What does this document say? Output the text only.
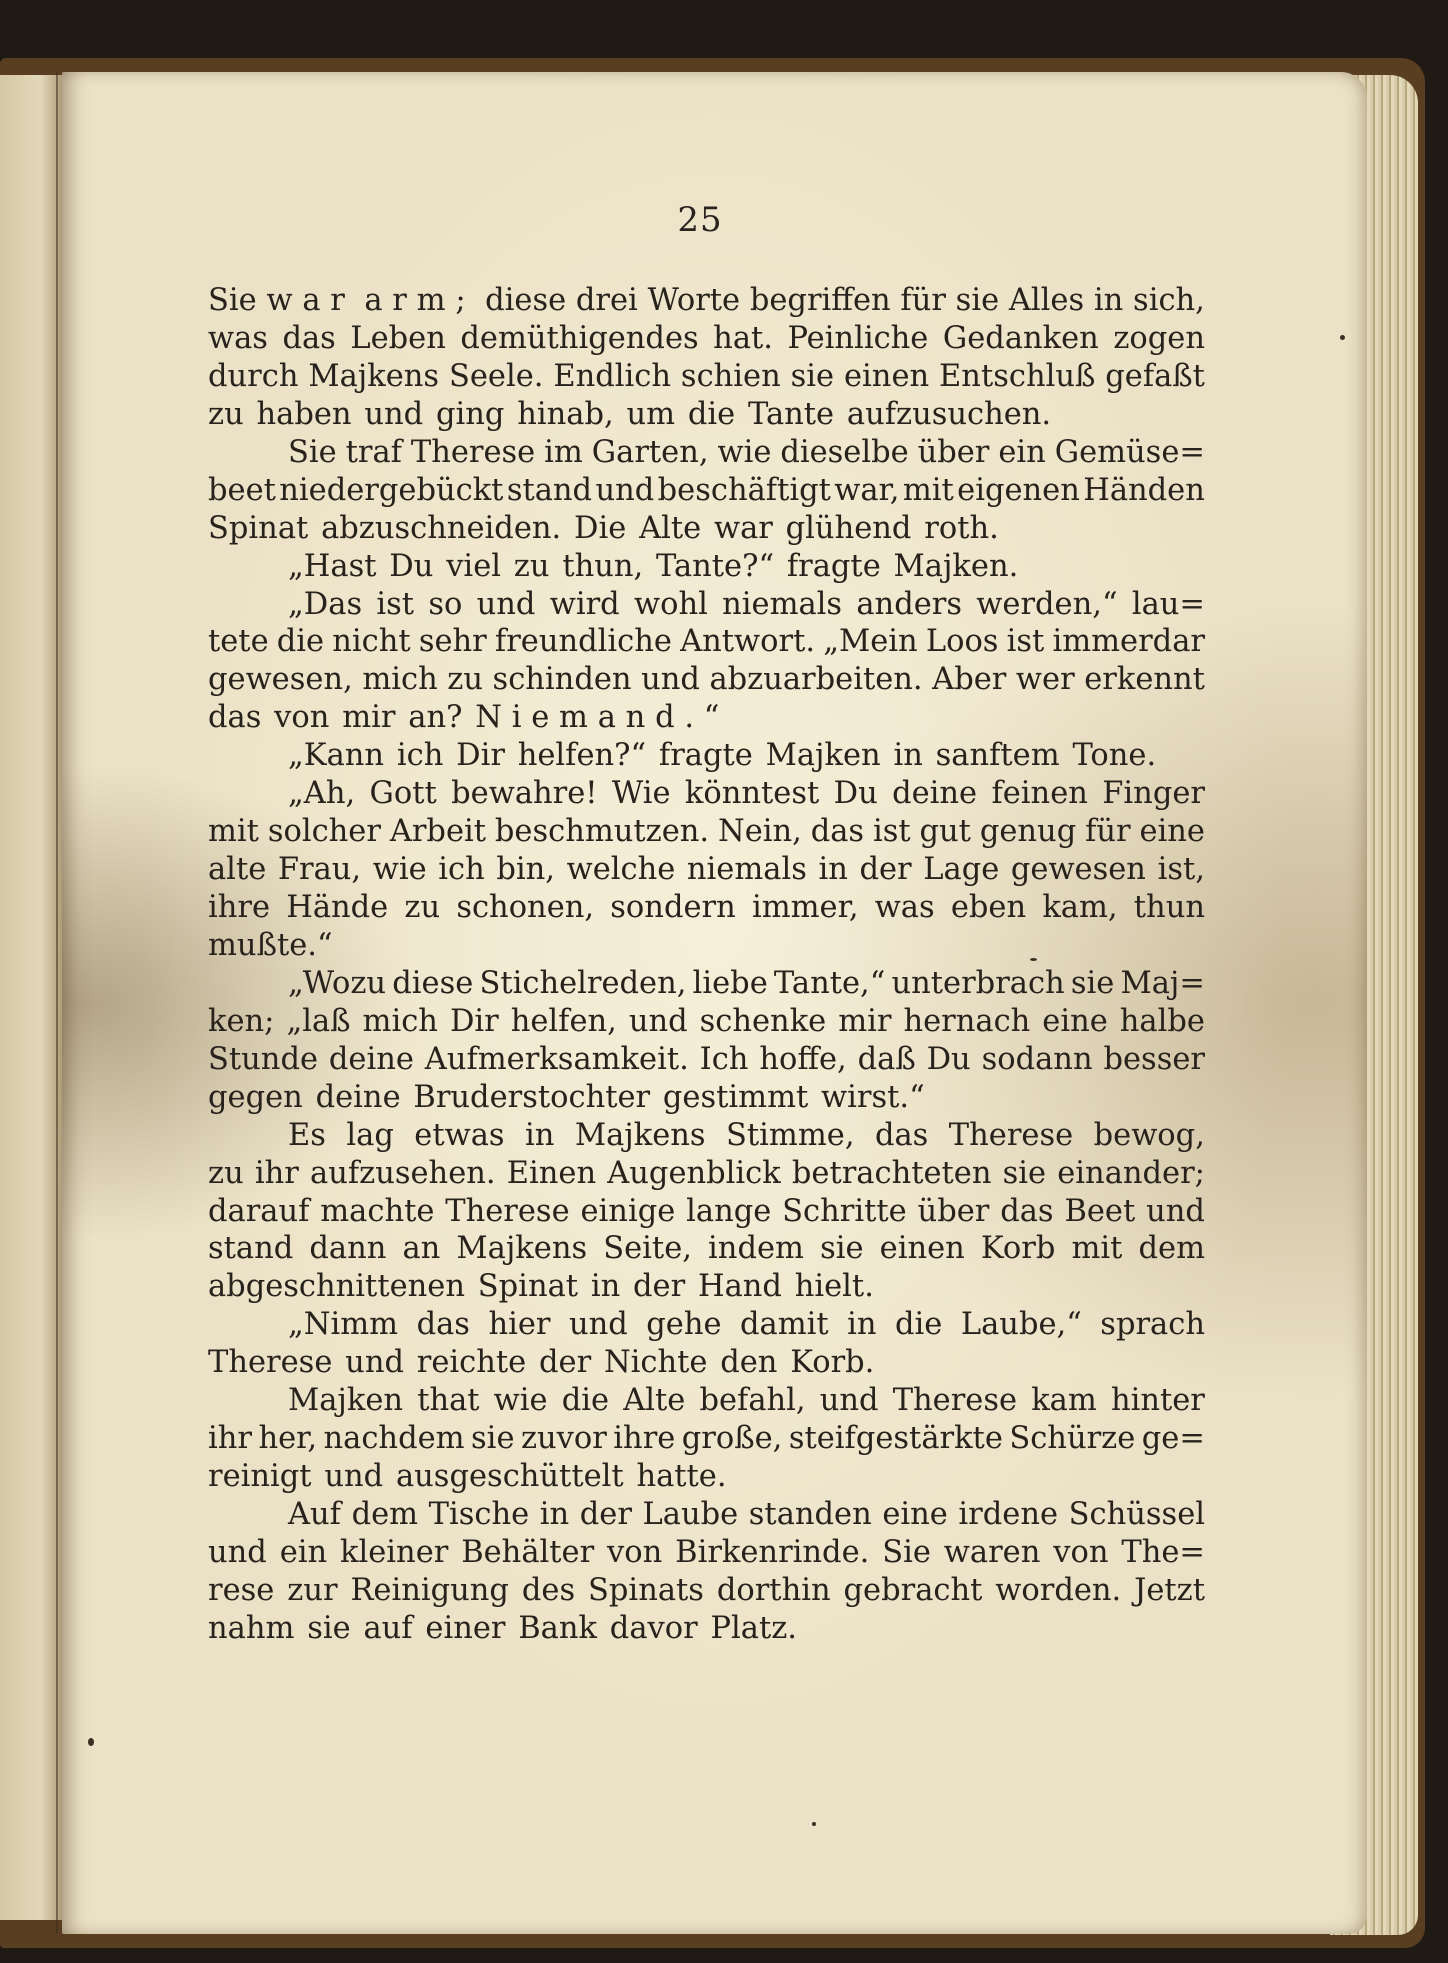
25
Sie war arm; diese drei Worte begriffen für sie Alles in sich,
was das Leben demüthigendes hat. Peinliche Gedanken zogen
durch Majkens Seele. Endlich schien sie einen Entschluß gefaßt
zu haben und ging hinab, um die Tante aufzusuchen.
Sie traf Therese im Garten, wie dieselbe über ein Gemüse=
beet niedergebückt stand und beschäftigt war, mit eigenen Händen
Spinat abzuschneiden. Die Alte war glühend roth.
„Hast Du viel zu thun, Tante?“ fragte Majken.
„Das ist so und wird wohl niemals anders werden,“ lau=
tete die nicht sehr freundliche Antwort. „Mein Loos ist immerdar
gewesen, mich zu schinden und abzuarbeiten. Aber wer erkennt
das von mir an? Niemand.“
„Kann ich Dir helfen?“ fragte Majken in sanftem Tone.
„Ah, Gott bewahre! Wie könntest Du deine feinen Finger
mit solcher Arbeit beschmutzen. Nein, das ist gut genug für eine
alte Frau, wie ich bin, welche niemals in der Lage gewesen ist,
ihre Hände zu schonen, sondern immer, was eben kam, thun
mußte.“
„Wozu diese Stichelreden, liebe Tante,“ unterbrach sie Maj=
ken; „laß mich Dir helfen, und schenke mir hernach eine halbe
Stunde deine Aufmerksamkeit. Ich hoffe, daß Du sodann besser
gegen deine Bruderstochter gestimmt wirst.“
Es lag etwas in Majkens Stimme, das Therese bewog,
zu ihr aufzusehen. Einen Augenblick betrachteten sie einander;
darauf machte Therese einige lange Schritte über das Beet und
stand dann an Majkens Seite, indem sie einen Korb mit dem
abgeschnittenen Spinat in der Hand hielt.
„Nimm das hier und gehe damit in die Laube,“ sprach
Therese und reichte der Nichte den Korb.
Majken that wie die Alte befahl, und Therese kam hinter
ihr her, nachdem sie zuvor ihre große, steifgestärkte Schürze ge=
reinigt und ausgeschüttelt hatte.
Auf dem Tische in der Laube standen eine irdene Schüssel
und ein kleiner Behälter von Birkenrinde. Sie waren von The=
rese zur Reinigung des Spinats dorthin gebracht worden. Jetzt
nahm sie auf einer Bank davor Platz.
